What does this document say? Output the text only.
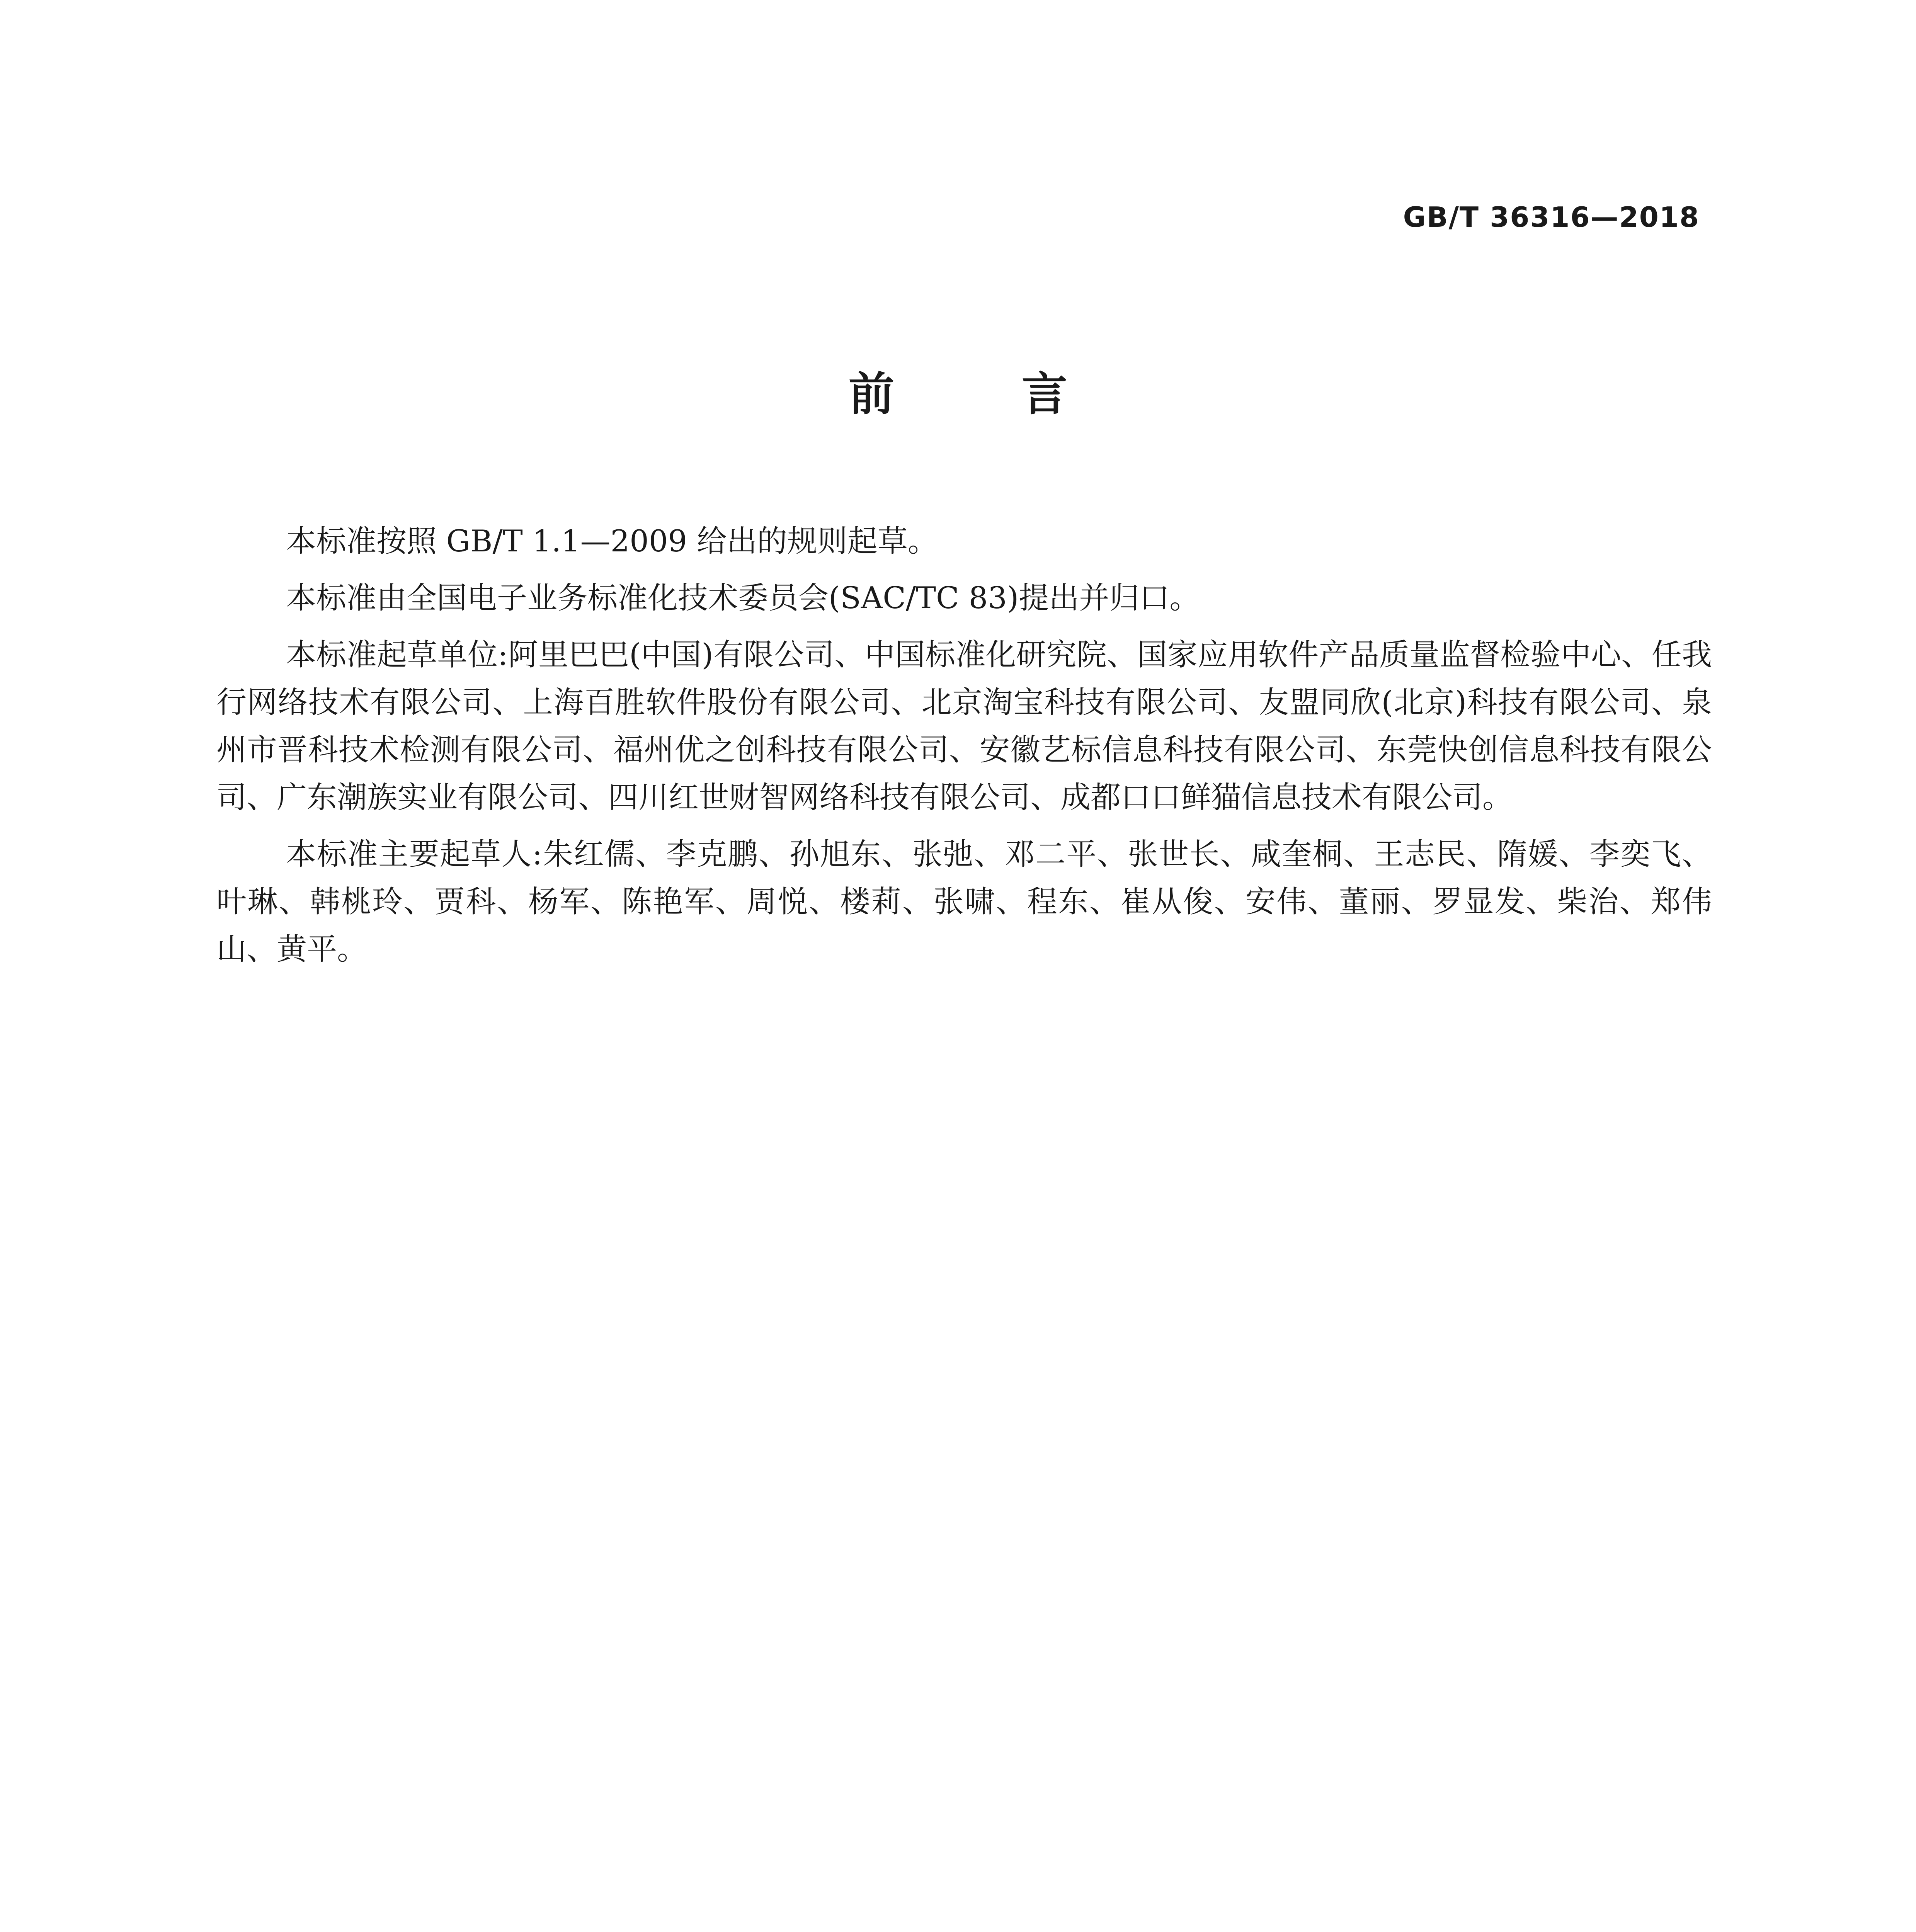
GB/T 36316—2018
前言

本标准按照 GB/T 1.1—2009 给出的规则起草。

本标准由全国电子业务标准化技术委员会(SAC/TC 83)提出并归口。

本标准起草单位:阿里巴巴(中国)有限公司、中国标准化研究院、国家应用软件产品质量监督检验中心、任我行网络技术有限公司、上海百胜软件股份有限公司、北京淘宝科技有限公司、友盟同欣(北京)科技有限公司、泉州市晋科技术检测有限公司、福州优之创科技有限公司、安徽艺标信息科技有限公司、东莞快创信息科技有限公司、广东潮族实业有限公司、四川红世财智网络科技有限公司、成都口口鲜猫信息技术有限公司。

本标准主要起草人:朱红儒、李克鹏、孙旭东、张弛、邓二平、张世长、咸奎桐、王志民、隋媛、李奕飞、叶琳、韩桃玲、贾科、杨军、陈艳军、周悦、楼莉、张啸、程东、崔从俊、安伟、董丽、罗显发、柴治、郑伟山、黄平。
